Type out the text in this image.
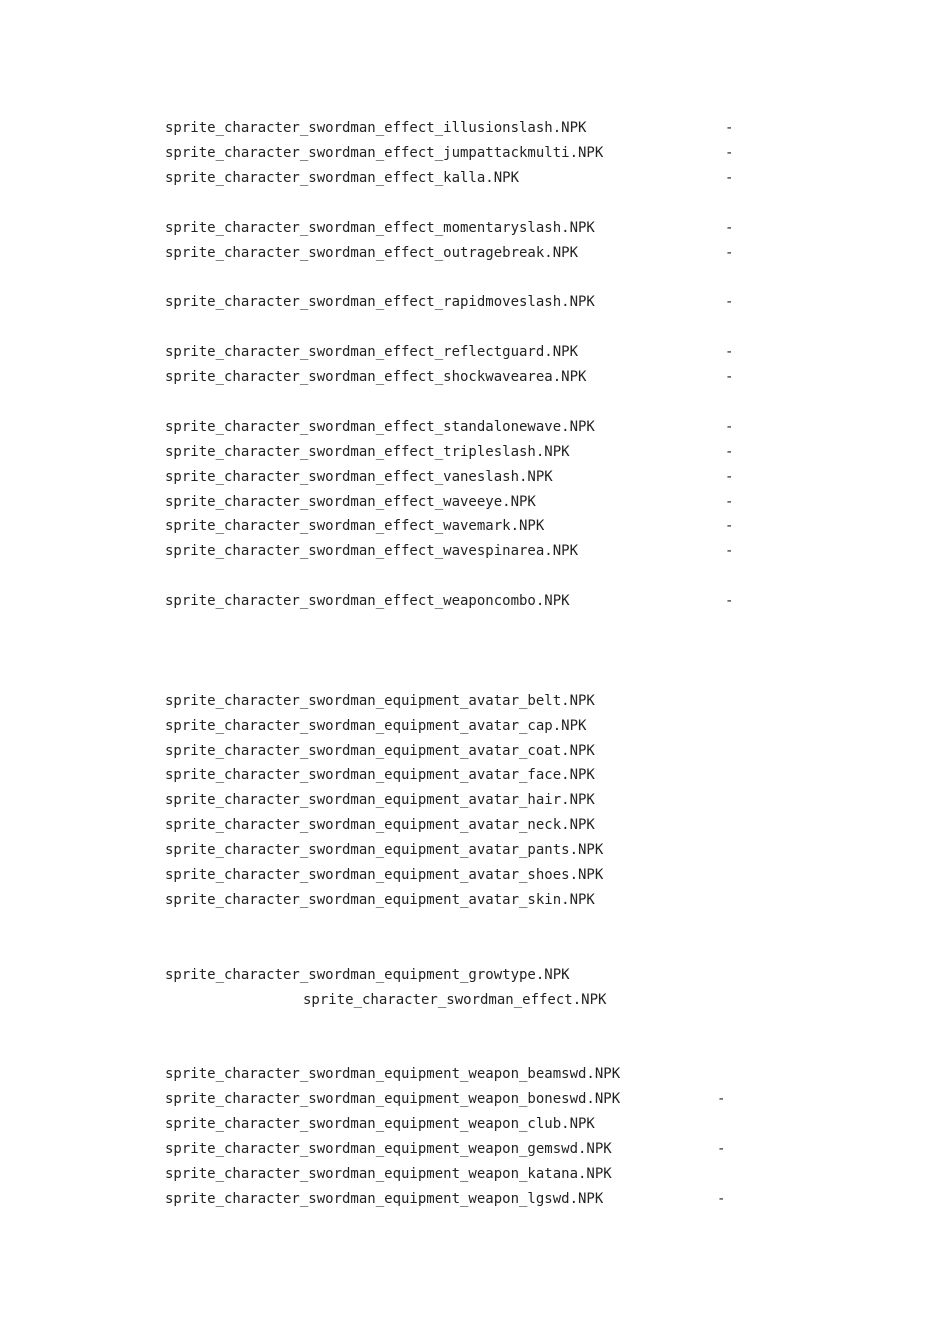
sprite_character_swordman_effect_illusionslash.NPK	-
sprite_character_swordman_effect_jumpattackmulti.NPK	-
sprite_character_swordman_effect_kalla.NPK	-
sprite_character_swordman_effect_momentaryslash.NPK	-
sprite_character_swordman_effect_outragebreak.NPK	-
sprite_character_swordman_effect_rapidmoveslash.NPK	-
sprite_character_swordman_effect_reflectguard.NPK	-
sprite_character_swordman_effect_shockwavearea.NPK	-
sprite_character_swordman_effect_standalonewave.NPK	-
sprite_character_swordman_effect_tripleslash.NPK	-
sprite_character_swordman_effect_vaneslash.NPK	-
sprite_character_swordman_effect_waveeye.NPK	-
sprite_character_swordman_effect_wavemark.NPK	-
sprite_character_swordman_effect_wavespinarea.NPK	-
sprite_character_swordman_effect_weaponcombo.NPK	-
sprite_character_swordman_equipment_avatar_belt.NPK
sprite_character_swordman_equipment_avatar_cap.NPK
sprite_character_swordman_equipment_avatar_coat.NPK
sprite_character_swordman_equipment_avatar_face.NPK
sprite_character_swordman_equipment_avatar_hair.NPK
sprite_character_swordman_equipment_avatar_neck.NPK
sprite_character_swordman_equipment_avatar_pants.NPK
sprite_character_swordman_equipment_avatar_shoes.NPK
sprite_character_swordman_equipment_avatar_skin.NPK
sprite_character_swordman_equipment_growtype.NPK
sprite_character_swordman_effect.NPK
sprite_character_swordman_equipment_weapon_beamswd.NPK
sprite_character_swordman_equipment_weapon_boneswd.NPK	-
sprite_character_swordman_equipment_weapon_club.NPK
sprite_character_swordman_equipment_weapon_gemswd.NPK	-
sprite_character_swordman_equipment_weapon_katana.NPK
sprite_character_swordman_equipment_weapon_lgswd.NPK	-
